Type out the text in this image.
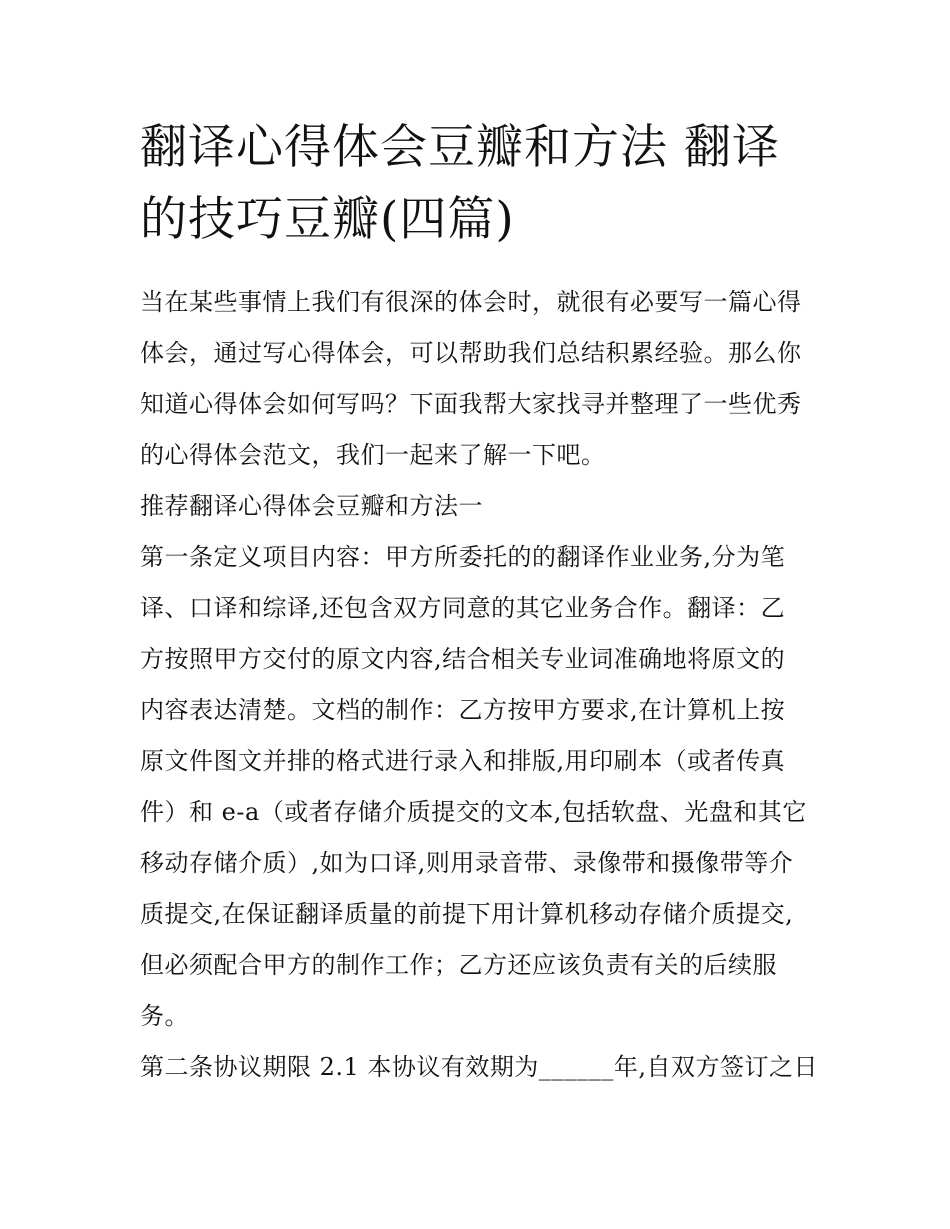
翻译心得体会豆瓣和方法 翻译
的技巧豆瓣(四篇)
当在某些事情上我们有很深的体会时，就很有必要写一篇心得
体会，通过写心得体会，可以帮助我们总结积累经验。那么你
知道心得体会如何写吗？下面我帮大家找寻并整理了一些优秀
的心得体会范文，我们一起来了解一下吧。
推荐翻译心得体会豆瓣和方法一
第一条定义项目内容：甲方所委托的的翻译作业业务,分为笔
译、口译和综译,还包含双方同意的其它业务合作。翻译：乙
方按照甲方交付的原文内容,结合相关专业词准确地将原文的
内容表达清楚。文档的制作：乙方按甲方要求,在计算机上按
原文件图文并排的格式进行录入和排版,用印刷本（或者传真
件）和 e-a（或者存储介质提交的文本,包括软盘、光盘和其它
移动存储介质）,如为口译,则用录音带、录像带和摄像带等介
质提交,在保证翻译质量的前提下用计算机移动存储介质提交,
但必须配合甲方的制作工作；乙方还应该负责有关的后续服
务。
第二条协议期限 2.1 本协议有效期为______年,自双方签订之日
